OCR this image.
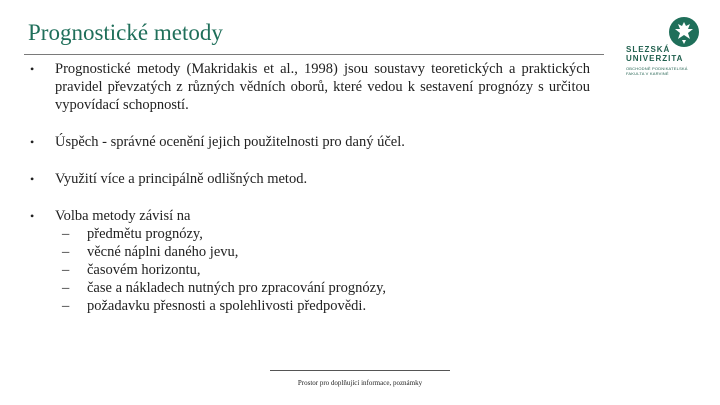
Prognostické metody
SLEZSKÁ
UNIVERZITA
OBCHODNĚ PODNIKATELSKÁ FAKULTA V KARVINÉ
• Prognostické metody (Makridakis et al., 1998) jsou soustavy teoretických a praktických pravidel převzatých z různých vědních oborů, které vedou k sestavení prognózy s určitou vypovídací schopností.
• Úspěch - správné ocenění jejich použitelnosti pro daný účel.
• Využití více a principálně odlišných metod.
• Volba metody závisí na
– předmětu prognózy,
– věcné náplni daného jevu,
– časovém horizontu,
– čase a nákladech nutných pro zpracování prognózy,
– požadavku přesnosti a spolehlivosti předpovědi.
Prostor pro doplňující informace, poznámky
